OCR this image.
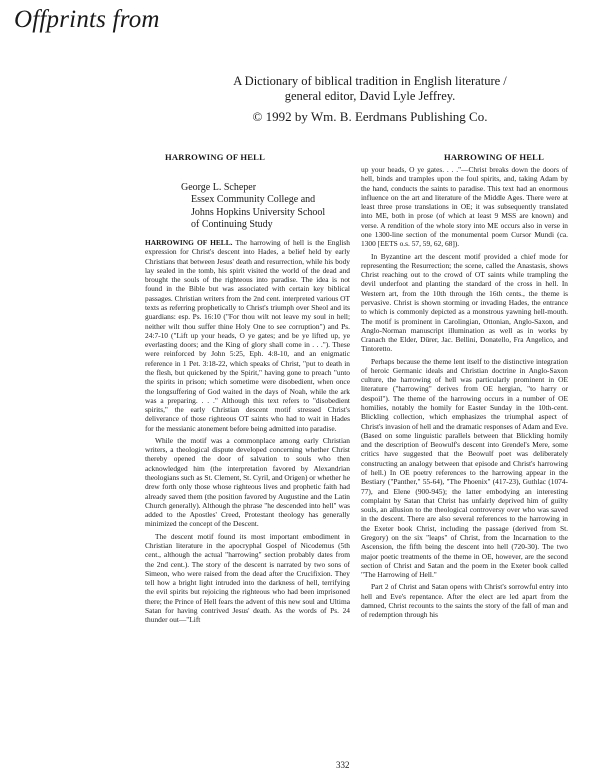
Offprints from
A Dictionary of biblical tradition in English literature /
general editor, David Lyle Jeffrey.
© 1992 by Wm. B. Eerdmans Publishing Co.
HARROWING OF HELL	HARROWING OF HELL
George L. Scheper
Essex Community College and
Johns Hopkins University School
of Continuing Study

HARROWING OF HELL. The harrowing of hell is the English expression for Christ's descent into Hades, a belief held by early Christians that between Jesus' death and resurrection, while his body lay sealed in the tomb, his spirit visited the world of the dead and brought the souls of the righteous into paradise. The idea is not found in the Bible but was associated with certain key biblical passages. Christian writers from the 2nd cent. interpreted various OT texts as referring prophetically to Christ's triumph over Sheol and its guardians: esp. Ps. 16:10 ("For thou wilt not leave my soul in hell; neither wilt thou suffer thine Holy One to see corruption") and Ps. 24:7-10 ("Lift up your heads, O ye gates; and be ye lifted up, ye everlasting doors; and the King of glory shall come in . . ."). These were reinforced by John 5:25, Eph. 4:8-10, and an enigmatic reference in 1 Pet. 3:18-22, which speaks of Christ, "put to death in the flesh, but quickened by the Spirit," having gone to preach "unto the spirits in prison; which sometime were disobedient, when once the longsuffering of God waited in the days of Noah, while the ark was a preparing. . . ." Although this text refers to "disobedient spirits," the early Christian descent motif stressed Christ's deliverance of those righteous OT saints who had to wait in Hades for the messianic atonement before being admitted into paradise.

While the motif was a commonplace among early Christian writers, a theological dispute developed concerning whether Christ thereby opened the door of salvation to souls who then acknowledged him (the interpretation favored by Alexandrian theologians such as St. Clement, St. Cyril, and Origen) or whether he drew forth only those whose righteous lives and prophetic faith had already saved them (the position favored by Augustine and the Latin Church generally). Although the phrase "he descended into hell" was added to the Apostles' Creed, Protestant theology has generally minimized the concept of the Descent.

The descent motif found its most important embodiment in Christian literature in the apocryphal Gospel of Nicodemus (5th cent., although the actual "harrowing" section probably dates from the 2nd cent.). The story of the descent is narrated by two sons of Simeon, who were raised from the dead after the Crucifixion. They tell how a bright light intruded into the darkness of hell, terrifying the evil spirits but rejoicing the righteous who had been imprisoned there; the Prince of Hell fears the advent of this new soul and Ultima Satan for having contrived Jesus' death. As the words of Ps. 24 thunder out—"Lift

up your heads, O ye gates. . . ."—Christ breaks down the doors of hell, binds and tramples upon the foul spirits, and, taking Adam by the hand, conducts the saints to paradise. This text had an enormous influence on the art and literature of the Middle Ages. There were at least three prose translations in OE; it was subsequently translated into ME, both in prose (of which at least 9 MSS are known) and verse. A rendition of the whole story into ME occurs also in verse in one 1300-line section of the monumental poem Cursor Mundi (ca. 1300 [EETS o.s. 57, 59, 62, 68]).

In Byzantine art the descent motif provided a chief mode for representing the Resurrection; the scene, called the Anastasis, shows Christ reaching out to the crowd of OT saints while trampling the devil underfoot and planting the standard of the cross in hell. In Western art, from the 10th through the 16th cents., the theme is pervasive. Christ is shown storming or invading Hades, the entrance to which is commonly depicted as a monstrous yawning hell-mouth. The motif is prominent in Carolingian, Ottonian, Anglo-Saxon, and Anglo-Norman manuscript illumination as well as in works by Cranach the Elder, Dürer, Jac. Bellini, Donatello, Fra Angelico, and Tintoretto.

Perhaps because the theme lent itself to the distinctive integration of heroic Germanic ideals and Christian doctrine in Anglo-Saxon culture, the harrowing of hell was particularly prominent in OE literature ("harrowing" derives from OE hergian, "to harry or despoil"). The theme of the harrowing occurs in a number of OE homilies, notably the homily for Easter Sunday in the 10th-cent. Blickling collection, which emphasizes the triumphal aspect of Christ's invasion of hell and the dramatic responses of Adam and Eve. (Based on some linguistic parallels between that Blickling homily and the description of Beowulf's descent into Grendel's Mere, some critics have suggested that the Beowulf poet was deliberately constructing an analogy between that episode and Christ's harrowing of hell.) In OE poetry references to the harrowing appear in the Bestiary ("Panther," 55-64), "The Phoenix" (417-23), Guthlac (1074-77), and Elene (900-945); the latter embodying an interesting complaint by Satan that Christ has unfairly deprived him of guilty souls, an allusion to the theological controversy over who was saved in the descent. There are also several references to the harrowing in the Exeter book Christ, including the passage (derived from St. Gregory) on the six "leaps" of Christ, from the Incarnation to the Ascension, the fifth being the descent into hell (720-30). The two major poetic treatments of the theme in OE, however, are the second section of Christ and Satan and the poem in the Exeter book called "The Harrowing of Hell."

Part 2 of Christ and Satan opens with Christ's sorrowful entry into hell and Eve's repentance. After the elect are led apart from the damned, Christ recounts to the saints the story of the fall of man and of redemption through his

332
